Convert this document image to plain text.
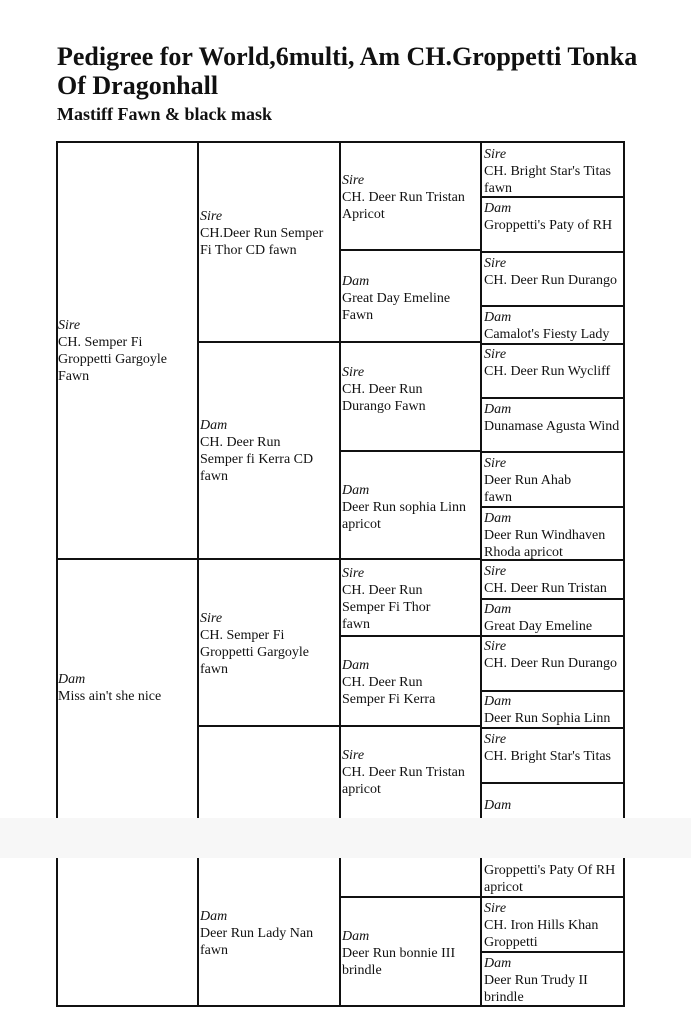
Pedigree for World,6multi, Am CH.Groppetti Tonka Of Dragonhall
Mastiff Fawn & black mask
Sire
CH. Semper Fi Groppetti Gargoyle Fawn
Dam
Miss ain't she nice
Sire
CH.Deer Run Semper Fi Thor CD fawn
Dam
CH. Deer Run Semper fi Kerra CD fawn
Sire
CH. Semper Fi Groppetti Gargoyle fawn
Dam
Deer Run Lady Nan fawn
Sire
CH. Deer Run Tristan Apricot
Dam
Great Day Emeline Fawn
Sire
CH. Deer Run Durango Fawn
Dam
Deer Run sophia Linn apricot
Sire
CH. Deer Run Semper Fi Thor fawn
Dam
CH. Deer Run Semper Fi Kerra
Sire
CH. Deer Run Tristan apricot
Dam
Deer Run bonnie III brindle
Sire
CH. Bright Star's Titas fawn
Dam
Groppetti's Paty of RH
Sire
CH. Deer Run Durango
Dam
Camalot's Fiesty Lady
Sire
CH. Deer Run Wycliff
Dam
Dunamase Agusta Wind
Sire
Deer Run Ahab fawn
Dam
Deer Run Windhaven Rhoda apricot
Sire
CH. Deer Run Tristan
Dam
Great Day Emeline
Sire
CH. Deer Run Durango
Dam
Deer Run Sophia Linn
Sire
CH. Bright Star's Titas
Dam
Groppetti's Paty Of RH apricot
Sire
CH. Iron Hills Khan Groppetti
Dam
Deer Run Trudy II brindle
